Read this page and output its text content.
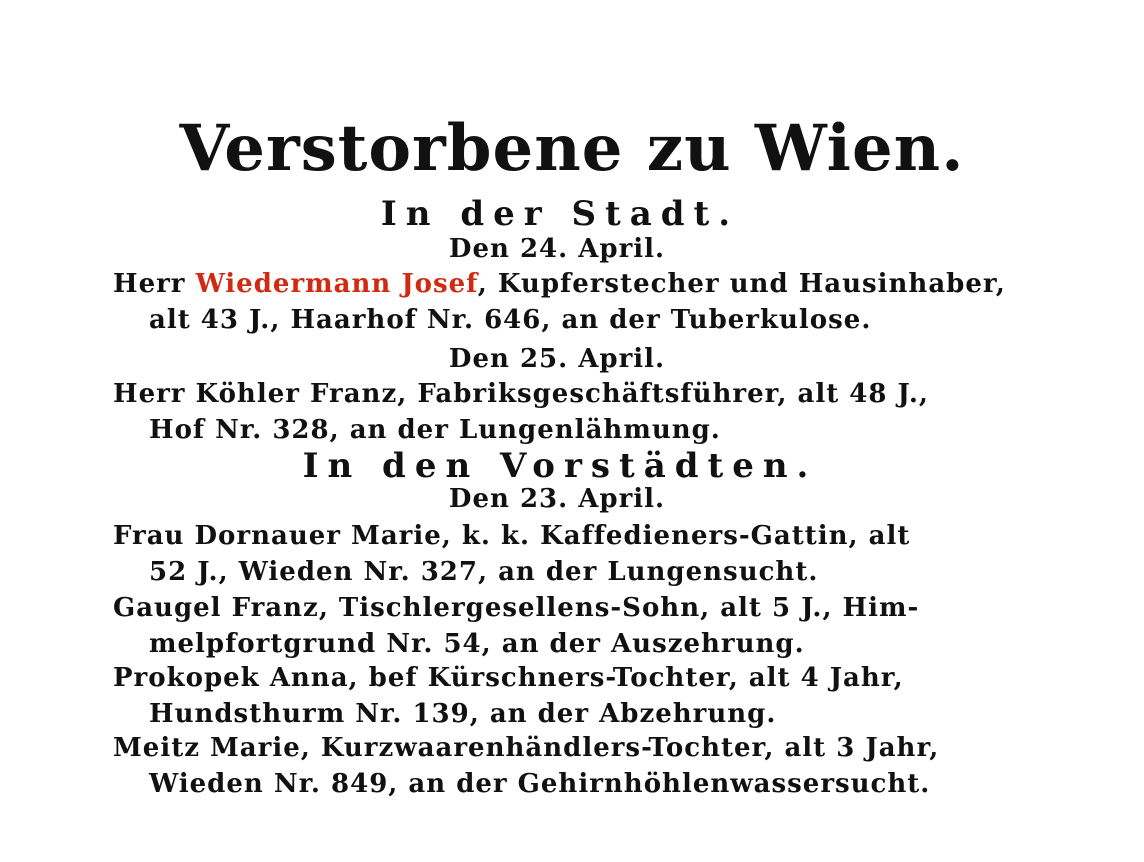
Verstorbene zu Wien.
In der Stadt.
Den 24. April.
Herr Wiedermann Josef, Kupferstecher und Hausinhaber,
alt 43 J., Haarhof Nr. 646, an der Tuberkulose.
Den 25. April.
Herr Köhler Franz, Fabriksgeschäftsführer, alt 48 J.,
Hof Nr. 328, an der Lungenlähmung.
In den Vorstädten.
Den 23. April.
Frau Dornauer Marie, k. k. Kaffedieners-Gattin, alt
52 J., Wieden Nr. 327, an der Lungensucht.
Gaugel Franz, Tischlergesellens-Sohn, alt 5 J., Him-
melpfortgrund Nr. 54, an der Auszehrung.
Prokopek Anna, bef Kürschners-Tochter, alt 4 Jahr,
Hundsthurm Nr. 139, an der Abzehrung.
Meitz Marie, Kurzwaarenhändlers-Tochter, alt 3 Jahr,
Wieden Nr. 849, an der Gehirnhöhlenwassersucht.
